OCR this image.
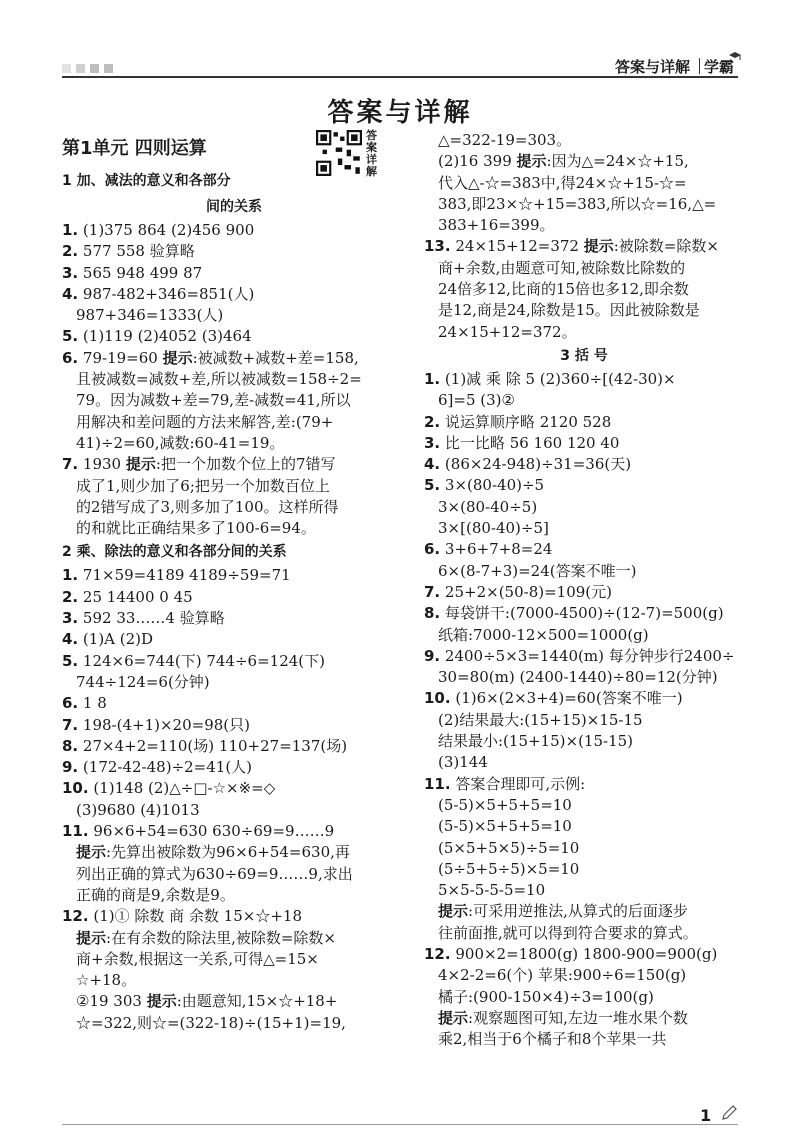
答案与详解 学霸
答案与详解
第1单元 四则运算
答案详解
1 加、减法的意义和各部分
间的关系
1. (1)375 864 (2)456 900
2. 577 558 验算略
3. 565 948 499 87
4. 987-482+346=851(人)
987+346=1333(人)
5. (1)119 (2)4052 (3)464
6. 79-19=60 提示:被减数+减数+差=158,
且被减数=减数+差,所以被减数=158÷2=
79。因为减数+差=79,差-减数=41,所以
用解决和差问题的方法来解答,差:(79+
41)÷2=60,减数:60-41=19。
7. 1930 提示:把一个加数个位上的7错写
成了1,则少加了6;把另一个加数百位上
的2错写成了3,则多加了100。这样所得
的和就比正确结果多了100-6=94。
2 乘、除法的意义和各部分间的关系
1. 71×59=4189 4189÷59=71
2. 25 14400 0 45
3. 592 33……4 验算略
4. (1)A (2)D
5. 124×6=744(下) 744÷6=124(下)
744÷124=6(分钟)
6. 1 8
7. 198-(4+1)×20=98(只)
8. 27×4+2=110(场) 110+27=137(场)
9. (172-42-48)÷2=41(人)
10. (1)148 (2)△÷□-☆×※=◇
(3)9680 (4)1013
11. 96×6+54=630 630÷69=9……9
提示:先算出被除数为96×6+54=630,再
列出正确的算式为630÷69=9……9,求出
正确的商是9,余数是9。
12. (1)① 除数 商 余数 15×☆+18
提示:在有余数的除法里,被除数=除数×
商+余数,根据这一关系,可得△=15×
☆+18。
②19 303 提示:由题意知,15×☆+18+
☆=322,则☆=(322-18)÷(15+1)=19,
△=322-19=303。
(2)16 399 提示:因为△=24×☆+15,
代入△-☆=383中,得24×☆+15-☆=
383,即23×☆+15=383,所以☆=16,△=
383+16=399。
13. 24×15+12=372 提示:被除数=除数×
商+余数,由题意可知,被除数比除数的
24倍多12,比商的15倍也多12,即余数
是12,商是24,除数是15。因此被除数是
24×15+12=372。
3 括 号
1. (1)减 乘 除 5 (2)360÷[(42-30)×
6]=5 (3)②
2. 说运算顺序略 2120 528
3. 比一比略 56 160 120 40
4. (86×24-948)÷31=36(天)
5. 3×(80-40)÷5
3×(80-40÷5)
3×[(80-40)÷5]
6. 3+6+7+8=24
6×(8-7+3)=24(答案不唯一)
7. 25+2×(50-8)=109(元)
8. 每袋饼干:(7000-4500)÷(12-7)=500(g)
纸箱:7000-12×500=1000(g)
9. 2400÷5×3=1440(m) 每分钟步行2400÷
30=80(m) (2400-1440)÷80=12(分钟)
10. (1)6×(2×3+4)=60(答案不唯一)
(2)结果最大:(15+15)×15-15
结果最小:(15+15)×(15-15)
(3)144
11. 答案合理即可,示例:
(5-5)×5+5+5=10
(5-5)×5+5+5=10
(5×5+5×5)÷5=10
(5÷5+5÷5)×5=10
5×5-5-5-5=10
提示:可采用逆推法,从算式的后面逐步
往前面推,就可以得到符合要求的算式。
12. 900×2=1800(g) 1800-900=900(g)
4×2-2=6(个) 苹果:900÷6=150(g)
橘子:(900-150×4)÷3=100(g)
提示:观察题图可知,左边一堆水果个数
乘2,相当于6个橘子和8个苹果一共
1
